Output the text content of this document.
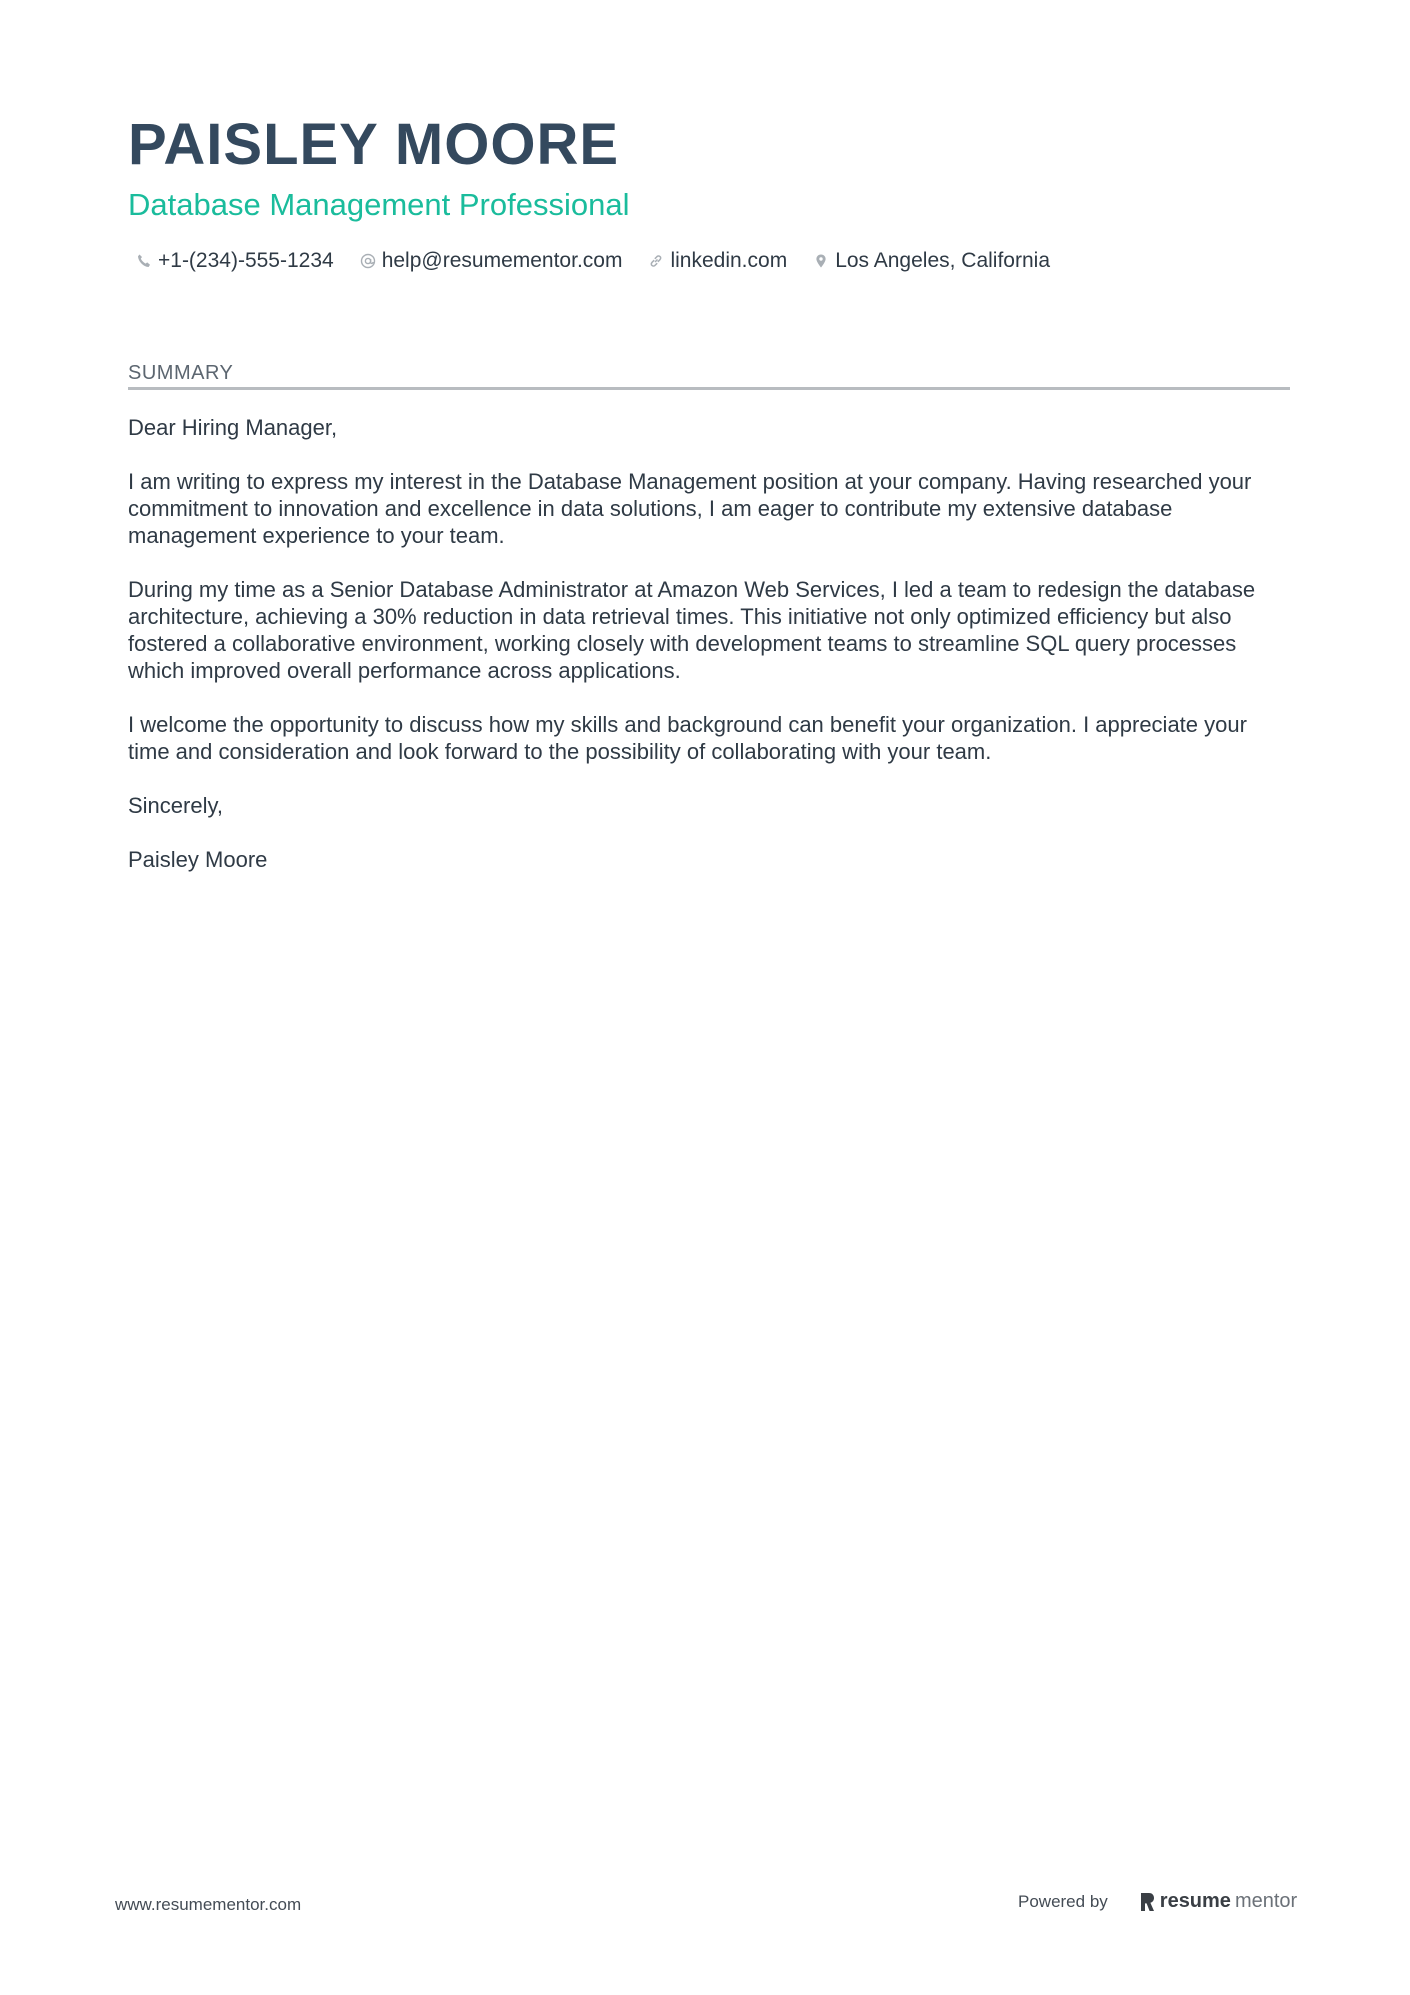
PAISLEY MOORE
Database Management Professional
+1-(234)-555-1234 help@resumementor.com linkedin.com Los Angeles, California
SUMMARY

Dear Hiring Manager,

I am writing to express my interest in the Database Management position at your company. Having researched your commitment to innovation and excellence in data solutions, I am eager to contribute my extensive database management experience to your team.

During my time as a Senior Database Administrator at Amazon Web Services, I led a team to redesign the database architecture, achieving a 30% reduction in data retrieval times. This initiative not only optimized efficiency but also fostered a collaborative environment, working closely with development teams to streamline SQL query processes which improved overall performance across applications.

I welcome the opportunity to discuss how my skills and background can benefit your organization. I appreciate your time and consideration and look forward to the possibility of collaborating with your team.

Sincerely,

Paisley Moore

www.resumementor.com	Powered by	resume mentor
